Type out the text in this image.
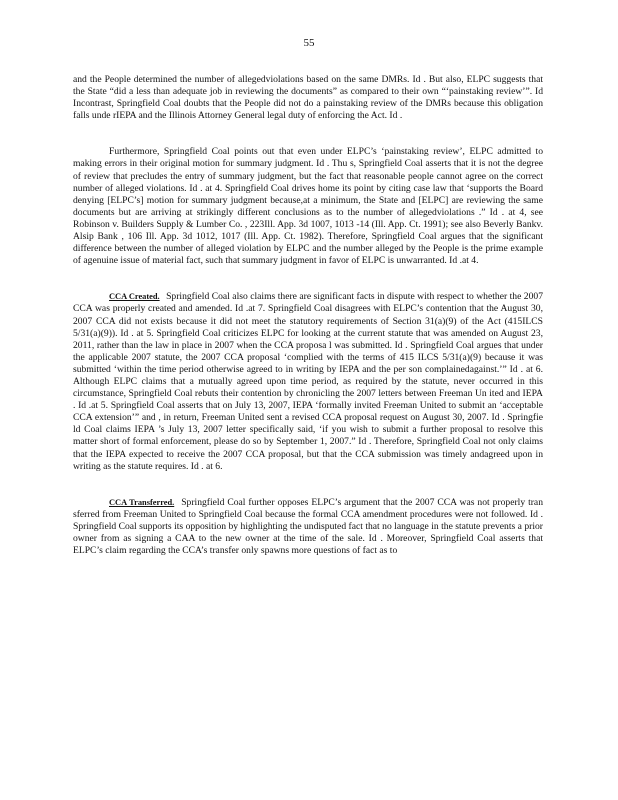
55

and the People determined the number of allegedviolations based on the same DMRs. Id . But also, ELPC suggests that the State “did a less than adequate job in reviewing the documents” as compared to their own “‘painstaking review’”. Id Incontrast, Springfield Coal doubts that the People did not do a painstaking review of the DMRs because this obligation falls unde rIEPA and the Illinois Attorney General legal duty of enforcing the Act. Id .

Furthermore, Springfield Coal points out that even under ELPC’s ‘painstaking review’, ELPC admitted to making errors in their original motion for summary judgment. Id . Thu s, Springfield Coal asserts that it is not the degree of review that precludes the entry of summary judgment, but the fact that reasonable people cannot agree on the correct number of alleged violations. Id . at 4. Springfield Coal drives home its point by citing case law that ‘supports the Board denying [ELPC’s] motion for summary judgment because,at a minimum, the State and [ELPC] are reviewing the same documents but are arriving at strikingly different conclusions as to the number of allegedviolations .” Id . at 4, see Robinson v. Builders Supply & Lumber Co. , 223Ill. App. 3d 1007, 1013 -14 (Ill. App. Ct. 1991); see also Beverly Bankv. Alsip Bank , 106 Ill. App. 3d 1012, 1017 (Ill. App. Ct. 1982). Therefore, Springfield Coal argues that the significant difference between the number of alleged violation by ELPC and the number alleged by the People is the prime example of agenuine issue of material fact, such that summary judgment in favor of ELPC is unwarranted. Id .at 4.

CCA Created. Springfield Coal also claims there are significant facts in dispute with respect to whether the 2007 CCA was properly created and amended. Id .at 7. Springfield Coal disagrees with ELPC’s contention that the August 30, 2007 CCA did not exists because it did not meet the statutory requirements of Section 31(a)(9) of the Act (415ILCS 5/31(a)(9)). Id . at 5. Springfield Coal criticizes ELPC for looking at the current statute that was amended on August 23, 2011, rather than the law in place in 2007 when the CCA proposa l was submitted. Id . Springfield Coal argues that under the applicable 2007 statute, the 2007 CCA proposal ‘complied with the terms of 415 ILCS 5/31(a)(9) because it was submitted ‘within the time period otherwise agreed to in writing by IEPA and the per son complainedagainst.’” Id . at 6. Although ELPC claims that a mutually agreed upon time period, as required by the statute, never occurred in this circumstance, Springfield Coal rebuts their contention by chronicling the 2007 letters between Freeman Un ited and IEPA . Id .at 5. Springfield Coal asserts that on July 13, 2007, IEPA ‘formally invited Freeman United to submit an ‘acceptable CCA extension’” and , in return, Freeman United sent a revised CCA proposal request on August 30, 2007. Id . Springfie ld Coal claims IEPA ’s July 13, 2007 letter specifically said, ‘if you wish to submit a further proposal to resolve this matter short of formal enforcement, please do so by September 1, 2007.” Id . Therefore, Springfield Coal not only claims that the IEPA expected to receive the 2007 CCA proposal, but that the CCA submission was timely andagreed upon in writing as the statute requires. Id . at 6.

CCA Transferred. Springfield Coal further opposes ELPC’s argument that the 2007 CCA was not properly tran sferred from Freeman United to Springfield Coal because the formal CCA amendment procedures were not followed. Id . Springfield Coal supports its opposition by highlighting the undisputed fact that no language in the statute prevents a prior owner from as signing a CAA to the new owner at the time of the sale. Id . Moreover, Springfield Coal asserts that ELPC’s claim regarding the CCA’s transfer only spawns more questions of fact as to
